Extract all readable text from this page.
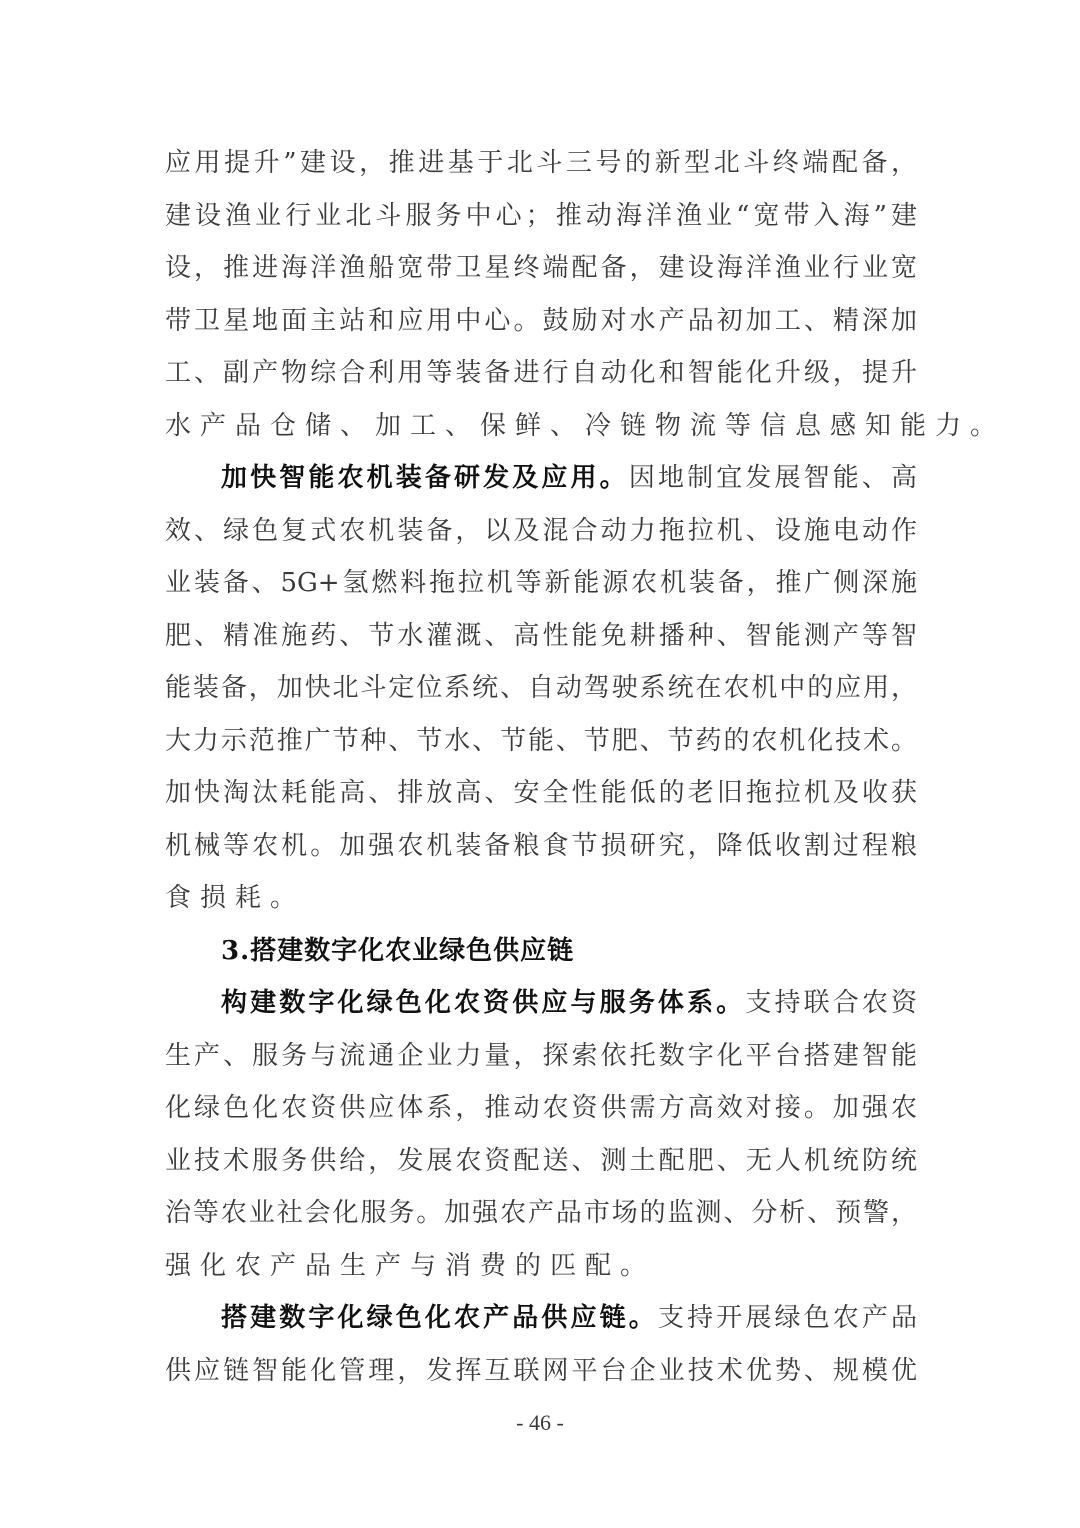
应用提升”建设，推进基于北斗三号的新型北斗终端配备，
建设渔业行业北斗服务中心；推动海洋渔业“宽带入海”建
设，推进海洋渔船宽带卫星终端配备，建设海洋渔业行业宽
带卫星地面主站和应用中心。鼓励对水产品初加工、精深加
工、副产物综合利用等装备进行自动化和智能化升级，提升
水产品仓储、加工、保鲜、冷链物流等信息感知能力。
加快智能农机装备研发及应用。因地制宜发展智能、高
效、绿色复式农机装备，以及混合动力拖拉机、设施电动作
业装备、5G+氢燃料拖拉机等新能源农机装备，推广侧深施
肥、精准施药、节水灌溉、高性能免耕播种、智能测产等智
能装备，加快北斗定位系统、自动驾驶系统在农机中的应用，
大力示范推广节种、节水、节能、节肥、节药的农机化技术。
加快淘汰耗能高、排放高、安全性能低的老旧拖拉机及收获
机械等农机。加强农机装备粮食节损研究，降低收割过程粮
食损耗。
3.搭建数字化农业绿色供应链
构建数字化绿色化农资供应与服务体系。支持联合农资
生产、服务与流通企业力量，探索依托数字化平台搭建智能
化绿色化农资供应体系，推动农资供需方高效对接。加强农
业技术服务供给，发展农资配送、测土配肥、无人机统防统
治等农业社会化服务。加强农产品市场的监测、分析、预警，
强化农产品生产与消费的匹配。
搭建数字化绿色化农产品供应链。支持开展绿色农产品
供应链智能化管理，发挥互联网平台企业技术优势、规模优
- 46 -
